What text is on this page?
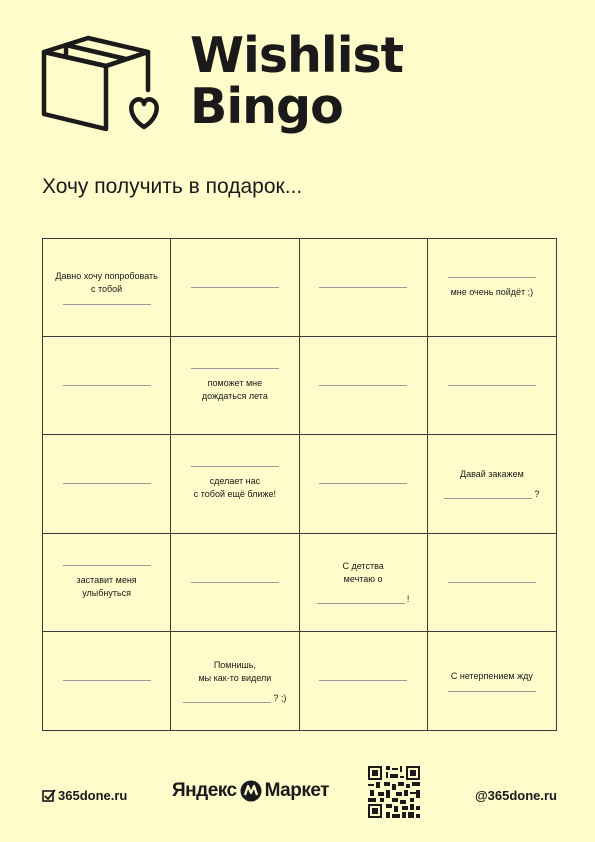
Wishlist
Bingo
Хочу получить в подарок...
Давно хочу попробовать
с тобой	мне очень пойдёт ;)
поможет мне
дождаться лета
сделает нас
с тобой ещё ближе!
Давай закажем
?
заставит меня
улыбнуться
С детства
мечтаю о
!
Помнишь,
мы как-то видели
? ;)
С нетерпением жду
365done.ru Яндекс Маркет	@365done.ru
